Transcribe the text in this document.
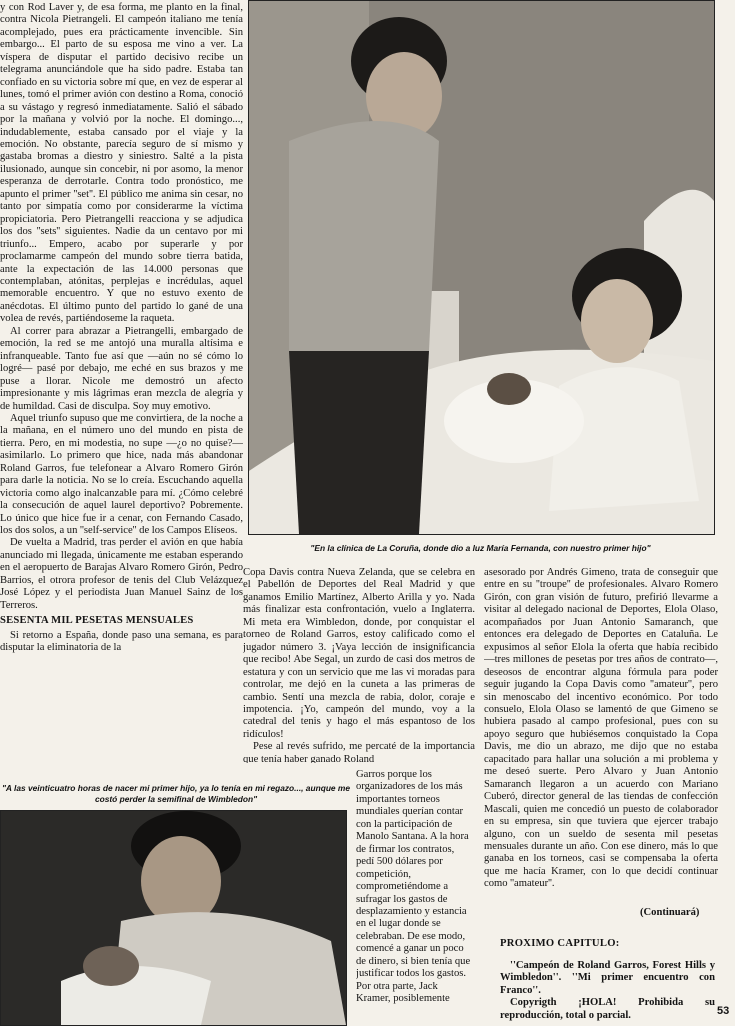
y con Rod Laver y, de esa forma, me planto en la final, contra Nicola Pietrangeli. El campeón italiano me tenía acomplejado, pues era prácticamente invencible. Sin embargo... El parto de su esposa me vino a ver. La víspera de disputar el partido decisivo recibe un telegrama anunciándole que ha sido padre. Estaba tan confiado en su victoria sobre mí que, en vez de esperar al lunes, tomó el primer avión con destino a Roma, conoció a su vástago y regresó inmediatamente. Salió el sábado por la mañana y volvió por la noche. El domingo..., indudablemente, estaba cansado por el viaje y la emoción. No obstante, parecía seguro de sí mismo y gastaba bromas a diestro y siniestro. Salté a la pista ilusionado, aunque sin concebir, ni por asomo, la menor esperanza de derrotarle. Contra todo pronóstico, me apunto el primer ''set''. El público me anima sin cesar, no tanto por simpatía como por considerarme la víctima propiciatoria. Pero Pietrangelli reacciona y se adjudica los dos ''sets'' siguientes. Nadie da un centavo por mi triunfo... Empero, acabo por superarle y por proclamarme campeón del mundo sobre tierra batida, ante la expectación de las 14.000 personas que contemplaban, atónitas, perplejas e incrédulas, aquel memorable encuentro. Y que no estuvo exento de anécdotas. El último punto del partido lo gané de una volea de revés, partiéndoseme la raqueta.

Al correr para abrazar a Pietrangelli, embargado de emoción, la red se me antojó una muralla altísima e infranqueable. Tanto fue así que —aún no sé cómo lo logré— pasé por debajo, me eché en sus brazos y me puse a llorar. Nicole me demostró un afecto impresionante y mis lágrimas eran mezcla de alegría y de humildad. Casi de disculpa. Soy muy emotivo.

Aquel triunfo supuso que me convirtiera, de la noche a la mañana, en el número uno del mundo en pista de tierra. Pero, en mi modestia, no supe —¿o no quise?— asimilarlo. Lo primero que hice, nada más abandonar Roland Garros, fue telefonear a Alvaro Romero Girón para darle la noticia. No se lo creía. Escuchando aquella victoria como algo inalcanzable para mí. ¿Cómo celebré la consecución de aquel laurel deportivo? Pobremente. Lo único que hice fue ir a cenar, con Fernando Casado, los dos solos, a un ''self-service'' de los Campos Elíseos.

De vuelta a Madrid, tras perder el avión en que había anunciado mi llegada, únicamente me estaban esperando en el aeropuerto de Barajas Alvaro Romero Girón, Pedro Barrios, el otrora profesor de tenis del Club Velázquez José López y el periodista Juan Manuel Sainz de los Terreros.

SESENTA MIL PESETAS MENSUALES

Si retorno a España, donde paso una semana, es para disputar la eliminatoria de la

"En la clínica de La Coruña, donde dio a luz María Fernanda, con nuestro primer hijo"

Copa Davis contra Nueva Zelanda, que se celebra en el Pabellón de Deportes del Real Madrid y que ganamos Emilio Martínez, Alberto Arilla y yo. Nada más finalizar esta confrontación, vuelo a Inglaterra. Mi meta era Wimbledon, donde, por conquistar el torneo de Roland Garros, estoy calificado como el jugador número 3. ¡Vaya lección de insignificancia que recibo! Abe Segal, un zurdo de casi dos metros de estatura y con un servicio que me las vi moradas para controlar, me dejó en la cuneta a las primeras de cambio. Sentí una mezcla de rabia, dolor, coraje e impotencia. ¡Yo, campeón del mundo, voy a la catedral del tenis y hago el más espantoso de los ridículos!

Pese al revés sufrido, me percaté de la importancia que tenía haber ganado Roland

"A las veinticuatro horas de nacer mi primer hijo, ya lo tenía en mi regazo..., aunque me costó perder la semifinal de Wimbledon"

Garros porque los organizadores de los más importantes torneos mundiales querían contar con la participación de Manolo Santana. A la hora de firmar los contratos, pedí 500 dólares por competición, comprometiéndome a sufragar los gastos de desplazamiento y estancia en el lugar donde se celebraban. De ese modo, comencé a ganar un poco de dinero, si bien tenía que justificar todos los gastos. Por otra parte, Jack Kramer, posiblemente

asesorado por Andrés Gimeno, trata de conseguir que entre en su ''troupe'' de profesionales. Alvaro Romero Girón, con gran visión de futuro, prefirió llevarme a visitar al delegado nacional de Deportes, Elola Olaso, acompañados por Juan Antonio Samaranch, que entonces era delegado de Deportes en Cataluña. Le expusimos al señor Elola la oferta que había recibido —tres millones de pesetas por tres años de contrato—, deseosos de encontrar alguna fórmula para poder seguir jugando la Copa Davis como ''amateur'', pero sin menoscabo del incentivo económico. Por todo consuelo, Elola Olaso se lamentó de que Gimeno se hubiera pasado al campo profesional, pues con su apoyo seguro que hubiésemos conquistado la Copa Davis, me dio un abrazo, me dijo que no estaba capacitado para hallar una solución a mi problema y me deseó suerte. Pero Alvaro y Juan Antonio Samaranch llegaron a un acuerdo con Mariano Cuberó, director general de las tiendas de confección Mascali, quien me concedió un puesto de colaborador en su empresa, sin que tuviera que ejercer trabajo alguno, con un sueldo de sesenta mil pesetas mensuales durante un año. Con ese dinero, más lo que ganaba en los torneos, casi se compensaba la oferta que me hacía Kramer, con lo que decidí continuar como ''amateur''.

(Continuará)
PROXIMO CAPITULO:

''Campeón de Roland Garros, Forest Hills y Wimbledon''. ''Mi primer encuentro con Franco''.

Copyrigth ¡HOLA! Prohibida su reproducción, total o parcial.	53
